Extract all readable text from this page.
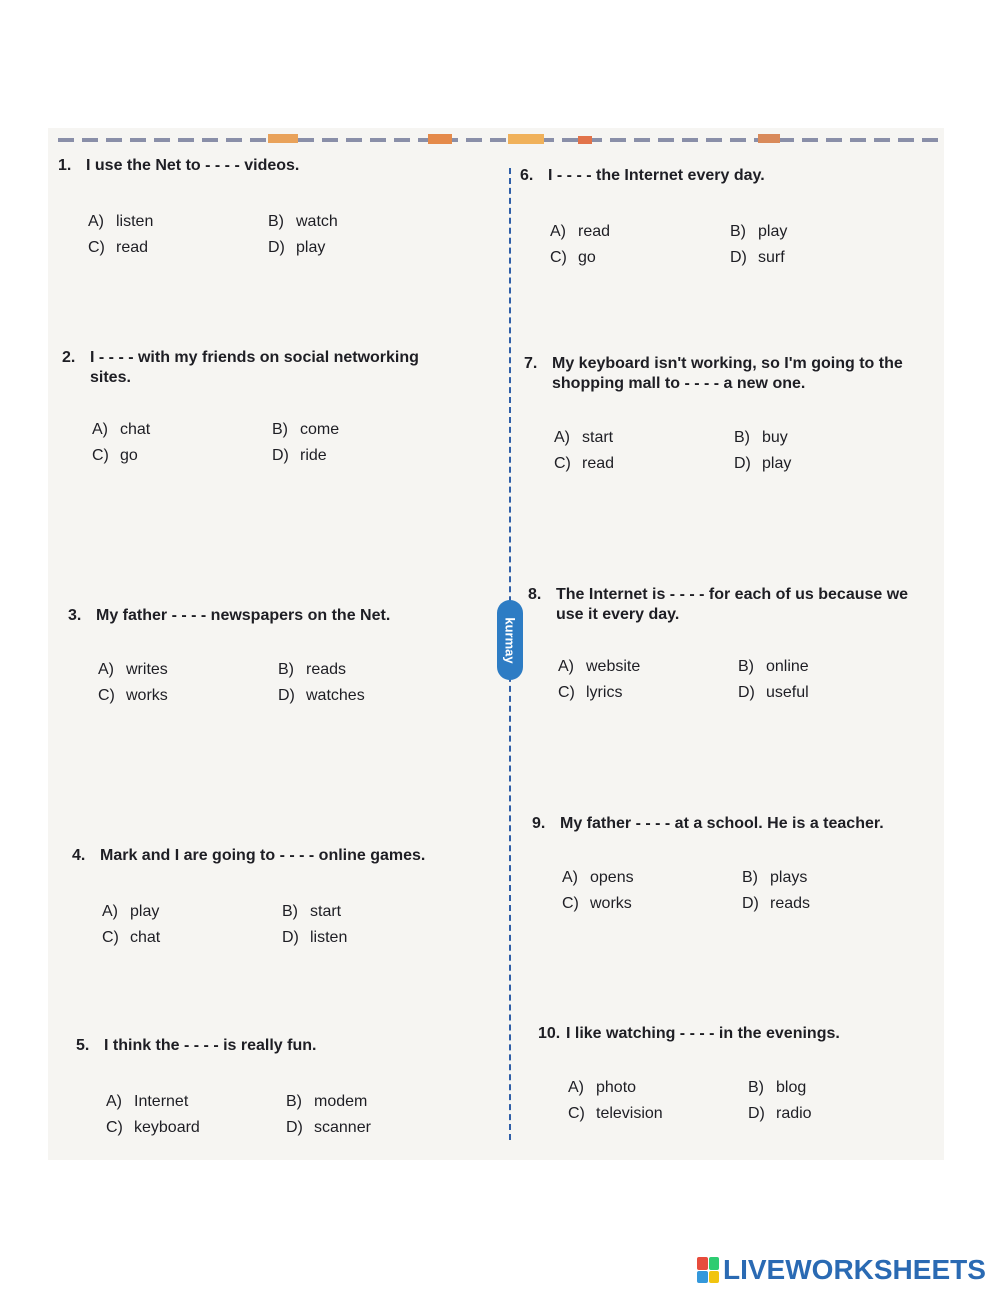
kurmay
1. I use the Net to - - - - videos.
A) listen	B) watch
C) read	D) play
2. I - - - - with my friends on social networking sites.
A) chat	B) come
C) go	D) ride
3. My father - - - - newspapers on the Net.
A) writes	B) reads
C) works	D) watches
4. Mark and I are going to - - - - online games.
A) play	B) start
C) chat	D) listen
5. I think the - - - - is really fun.
A) Internet	B) modem
C) keyboard	D) scanner
6. I - - - - the Internet every day.
A) read	B) play
C) go	D) surf
7. My keyboard isn't working, so I'm going to the shopping mall to - - - - a new one.
A) start	B) buy
C) read	D) play
8. The Internet is - - - - for each of us because we use it every day.
A) website	B) online
C) lyrics	D) useful
9. My father - - - - at a school. He is a teacher.
A) opens	B) plays
C) works	D) reads
10. I like watching - - - - in the evenings.
A) photo	B) blog
C) television	D) radio
LIVEWORKSHEETS
